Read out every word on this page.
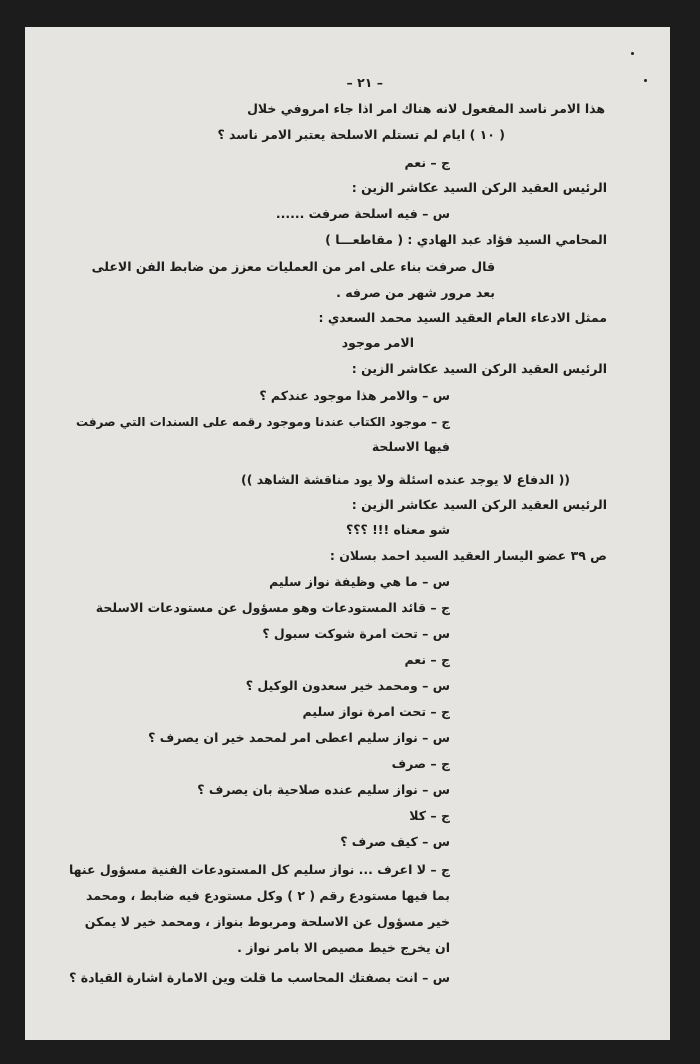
– ٢١ –
هذا الامر ناسد المفعول لانه هناك امر اذا جاء امروفي خلال
( ١٠ ) ايام لم تستلم الاسلحة يعتبر الامر ناسد ؟
ج – نعم
الرئيس العقيد الركن السيد عكاشر الزين :
س – فيه اسلحة صرفت ......
المحامي السيد فؤاد عبد الهادي : ( مقاطعـــا )
قال صرفت بناء على امر من العمليات معزز من ضابط الفن الاعلى
بعد مرور شهر من صرفه .
ممثل الادعاء العام العقيد السيد محمد السعدي :
الامر موجود
الرئيس العقيد الركن السيد عكاشر الزين :
س – والامر هذا موجود عندكم ؟
ج – موجود الكتاب عندنا وموجود رقمه على السندات التي صرفت
فيها الاسلحة
(( الدفاع لا يوجد عنده اسئلة ولا يود مناقشة الشاهد ))
الرئيس العقيد الركن السيد عكاشر الزين :
شو معناه !!! ؟؟؟
ص ٣٩ عضو اليسار العقيد السيد احمد بسلان :
س – ما هي وظيفة نواز سليم
ج – قائد المستودعات وهو مسؤول عن مستودعات الاسلحة
س – تحت امرة شوكت سبول ؟
ج – نعم
س – ومحمد خير سعدون الوكيل ؟
ج – تحت امرة نواز سليم
س – نواز سليم اعطى امر لمحمد خير ان يصرف ؟
ج – صرف
س – نواز سليم عنده صلاحية بان يصرف ؟
ج – كلا
س – كيف صرف ؟
ج – لا اعرف ... نواز سليم كل المستودعات الفنية مسؤول عنها
بما فيها مستودع رقم ( ٢ ) وكل مستودع فيه ضابط ، ومحمد
خير مسؤول عن الاسلحة ومربوط بنواز ، ومحمد خير لا يمكن
ان يخرج خيط مصيص الا بامر نواز .
س – انت بصفتك المحاسب ما قلت وين الامارة اشارة القيادة ؟
